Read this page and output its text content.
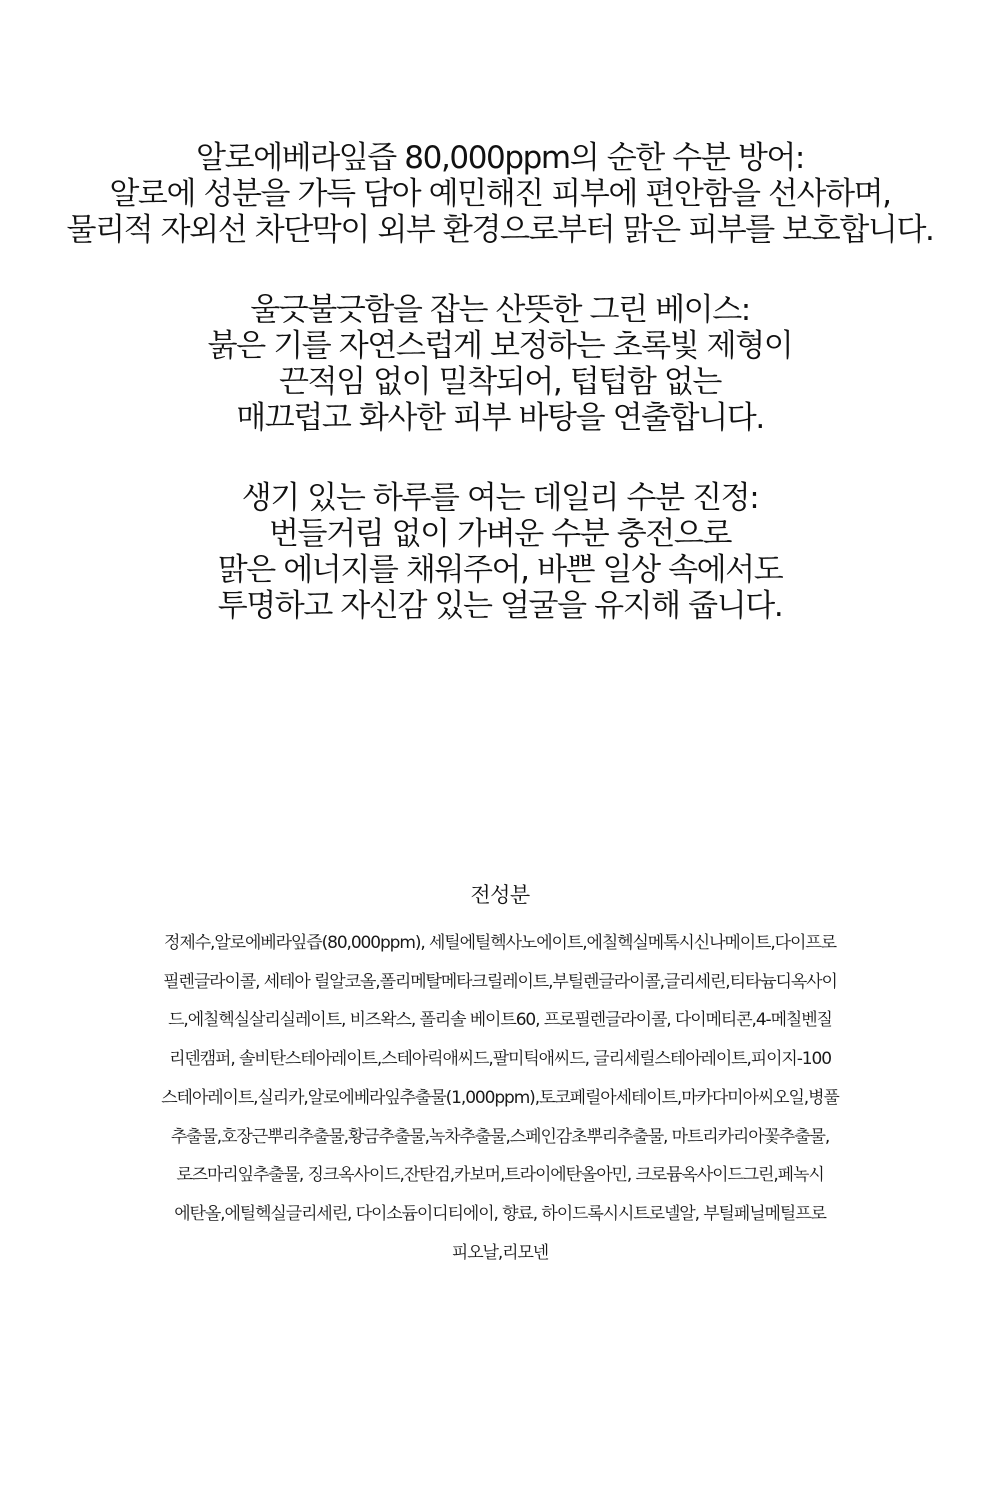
알로에베라잎즙 80,000ppm의 순한 수분 방어:
알로에 성분을 가득 담아 예민해진 피부에 편안함을 선사하며,
물리적 자외선 차단막이 외부 환경으로부터 맑은 피부를 보호합니다.
울긋불긋함을 잡는 산뜻한 그린 베이스:
붉은 기를 자연스럽게 보정하는 초록빛 제형이
끈적임 없이 밀착되어, 텁텁함 없는
매끄럽고 화사한 피부 바탕을 연출합니다.
생기 있는 하루를 여는 데일리 수분 진정:
번들거림 없이 가벼운 수분 충전으로
맑은 에너지를 채워주어, 바쁜 일상 속에서도
투명하고 자신감 있는 얼굴을 유지해 줍니다.
전성분
정제수,알로에베라잎즙(80,000ppm), 세틸에틸헥사노에이트,에칠헥실메톡시신나메이트,다이프로
필렌글라이콜, 세테아 릴알코올,폴리메탈메타크릴레이트,부틸렌글라이콜,글리세린,티타늄디옥사이
드,에칠헥실살리실레이트, 비즈왁스, 폴리솔 베이트60, 프로필렌글라이콜, 다이메티콘,4-메칠벤질
리덴캠퍼, 솔비탄스테아레이트,스테아릭애씨드,팔미틱애씨드, 글리세릴스테아레이트,피이지-100
스테아레이트,실리카,알로에베라잎추출물(1,000ppm),토코페릴아세테이트,마카다미아씨오일,병풀
추출물,호장근뿌리추출물,황금추출물,녹차추출물,스페인감초뿌리추출물, 마트리카리아꽃추출물,
로즈마리잎추출물, 징크옥사이드,잔탄검,카보머,트라이에탄올아민, 크로뮴옥사이드그린,페녹시
에탄올,에틸헥실글리세린, 다이소듐이디티에이, 향료, 하이드록시시트로넬알, 부틸페닐메틸프로
피오날,리모넨
